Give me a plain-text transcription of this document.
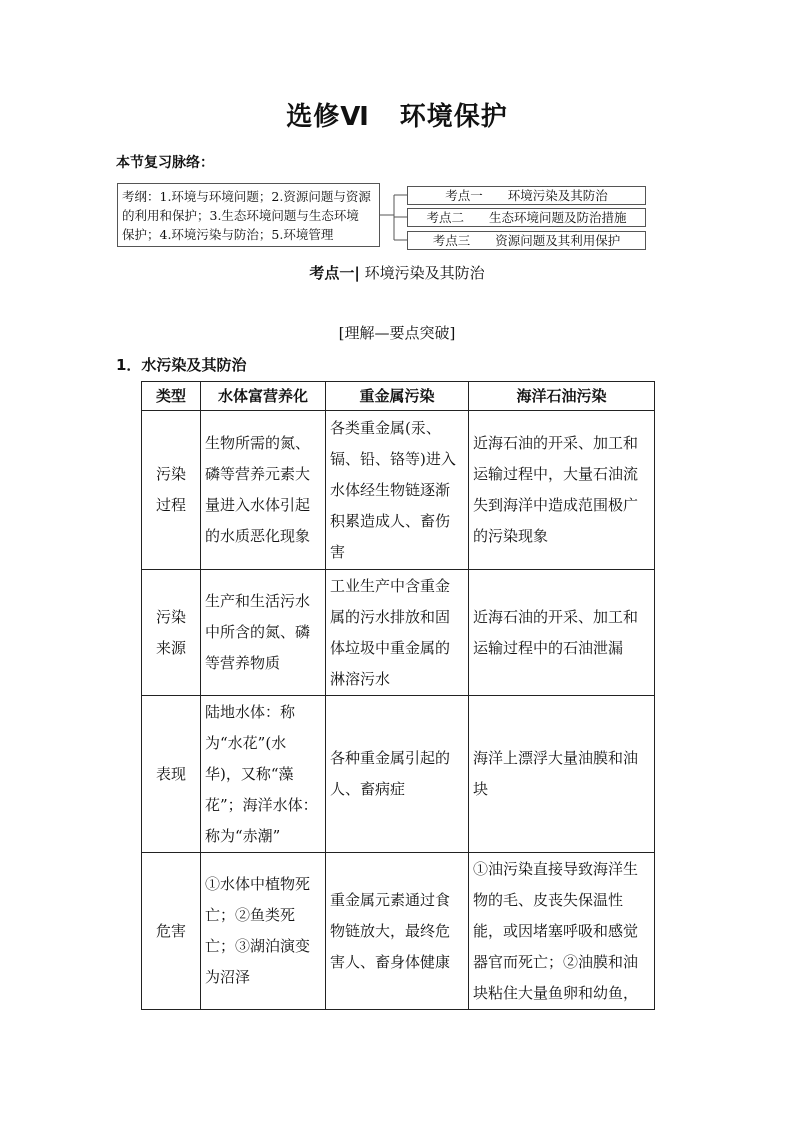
选修Ⅵ 环境保护
本节复习脉络：
考纲：1.环境与环境问题；2.资源问题与资源
的利用和保护；3.生态环境问题与生态环境
保护；4.环境污染与防治；5.环境管理
考点一　　 环境污染及其防治
考点二　　 生态环境问题及防治措施
考点三　　 资源问题及其利用保护
考点一| 环境污染及其防治
[理解—要点突破]
1．水污染及其防治
类型	水体富营养化	重金属污染	海洋石油污染
污染
过程	生物所需的氮、磷等营养元素大量进入水体引起的水质恶化现象	各类重金属(汞、镉、铅、铬等)进入水体经生物链逐渐积累造成人、畜伤害	近海石油的开采、加工和运输过程中，大量石油流失到海洋中造成范围极广的污染现象
污染
来源	生产和生活污水中所含的氮、磷等营养物质	工业生产中含重金属的污水排放和固体垃圾中重金属的淋溶污水	近海石油的开采、加工和运输过程中的石油泄漏
表现	陆地水体：称为“水花”(水华)，又称“藻花”；海洋水体：称为“赤潮”	各种重金属引起的人、畜病症	海洋上漂浮大量油膜和油块
危害	①水体中植物死亡；②鱼类死亡；③湖泊演变为沼泽	重金属元素通过食物链放大，最终危害人、畜身体健康	①油污染直接导致海洋生物的毛、皮丧失保温性能，或因堵塞呼吸和感觉器官而死亡；②油膜和油块粘住大量鱼卵和幼鱼，
